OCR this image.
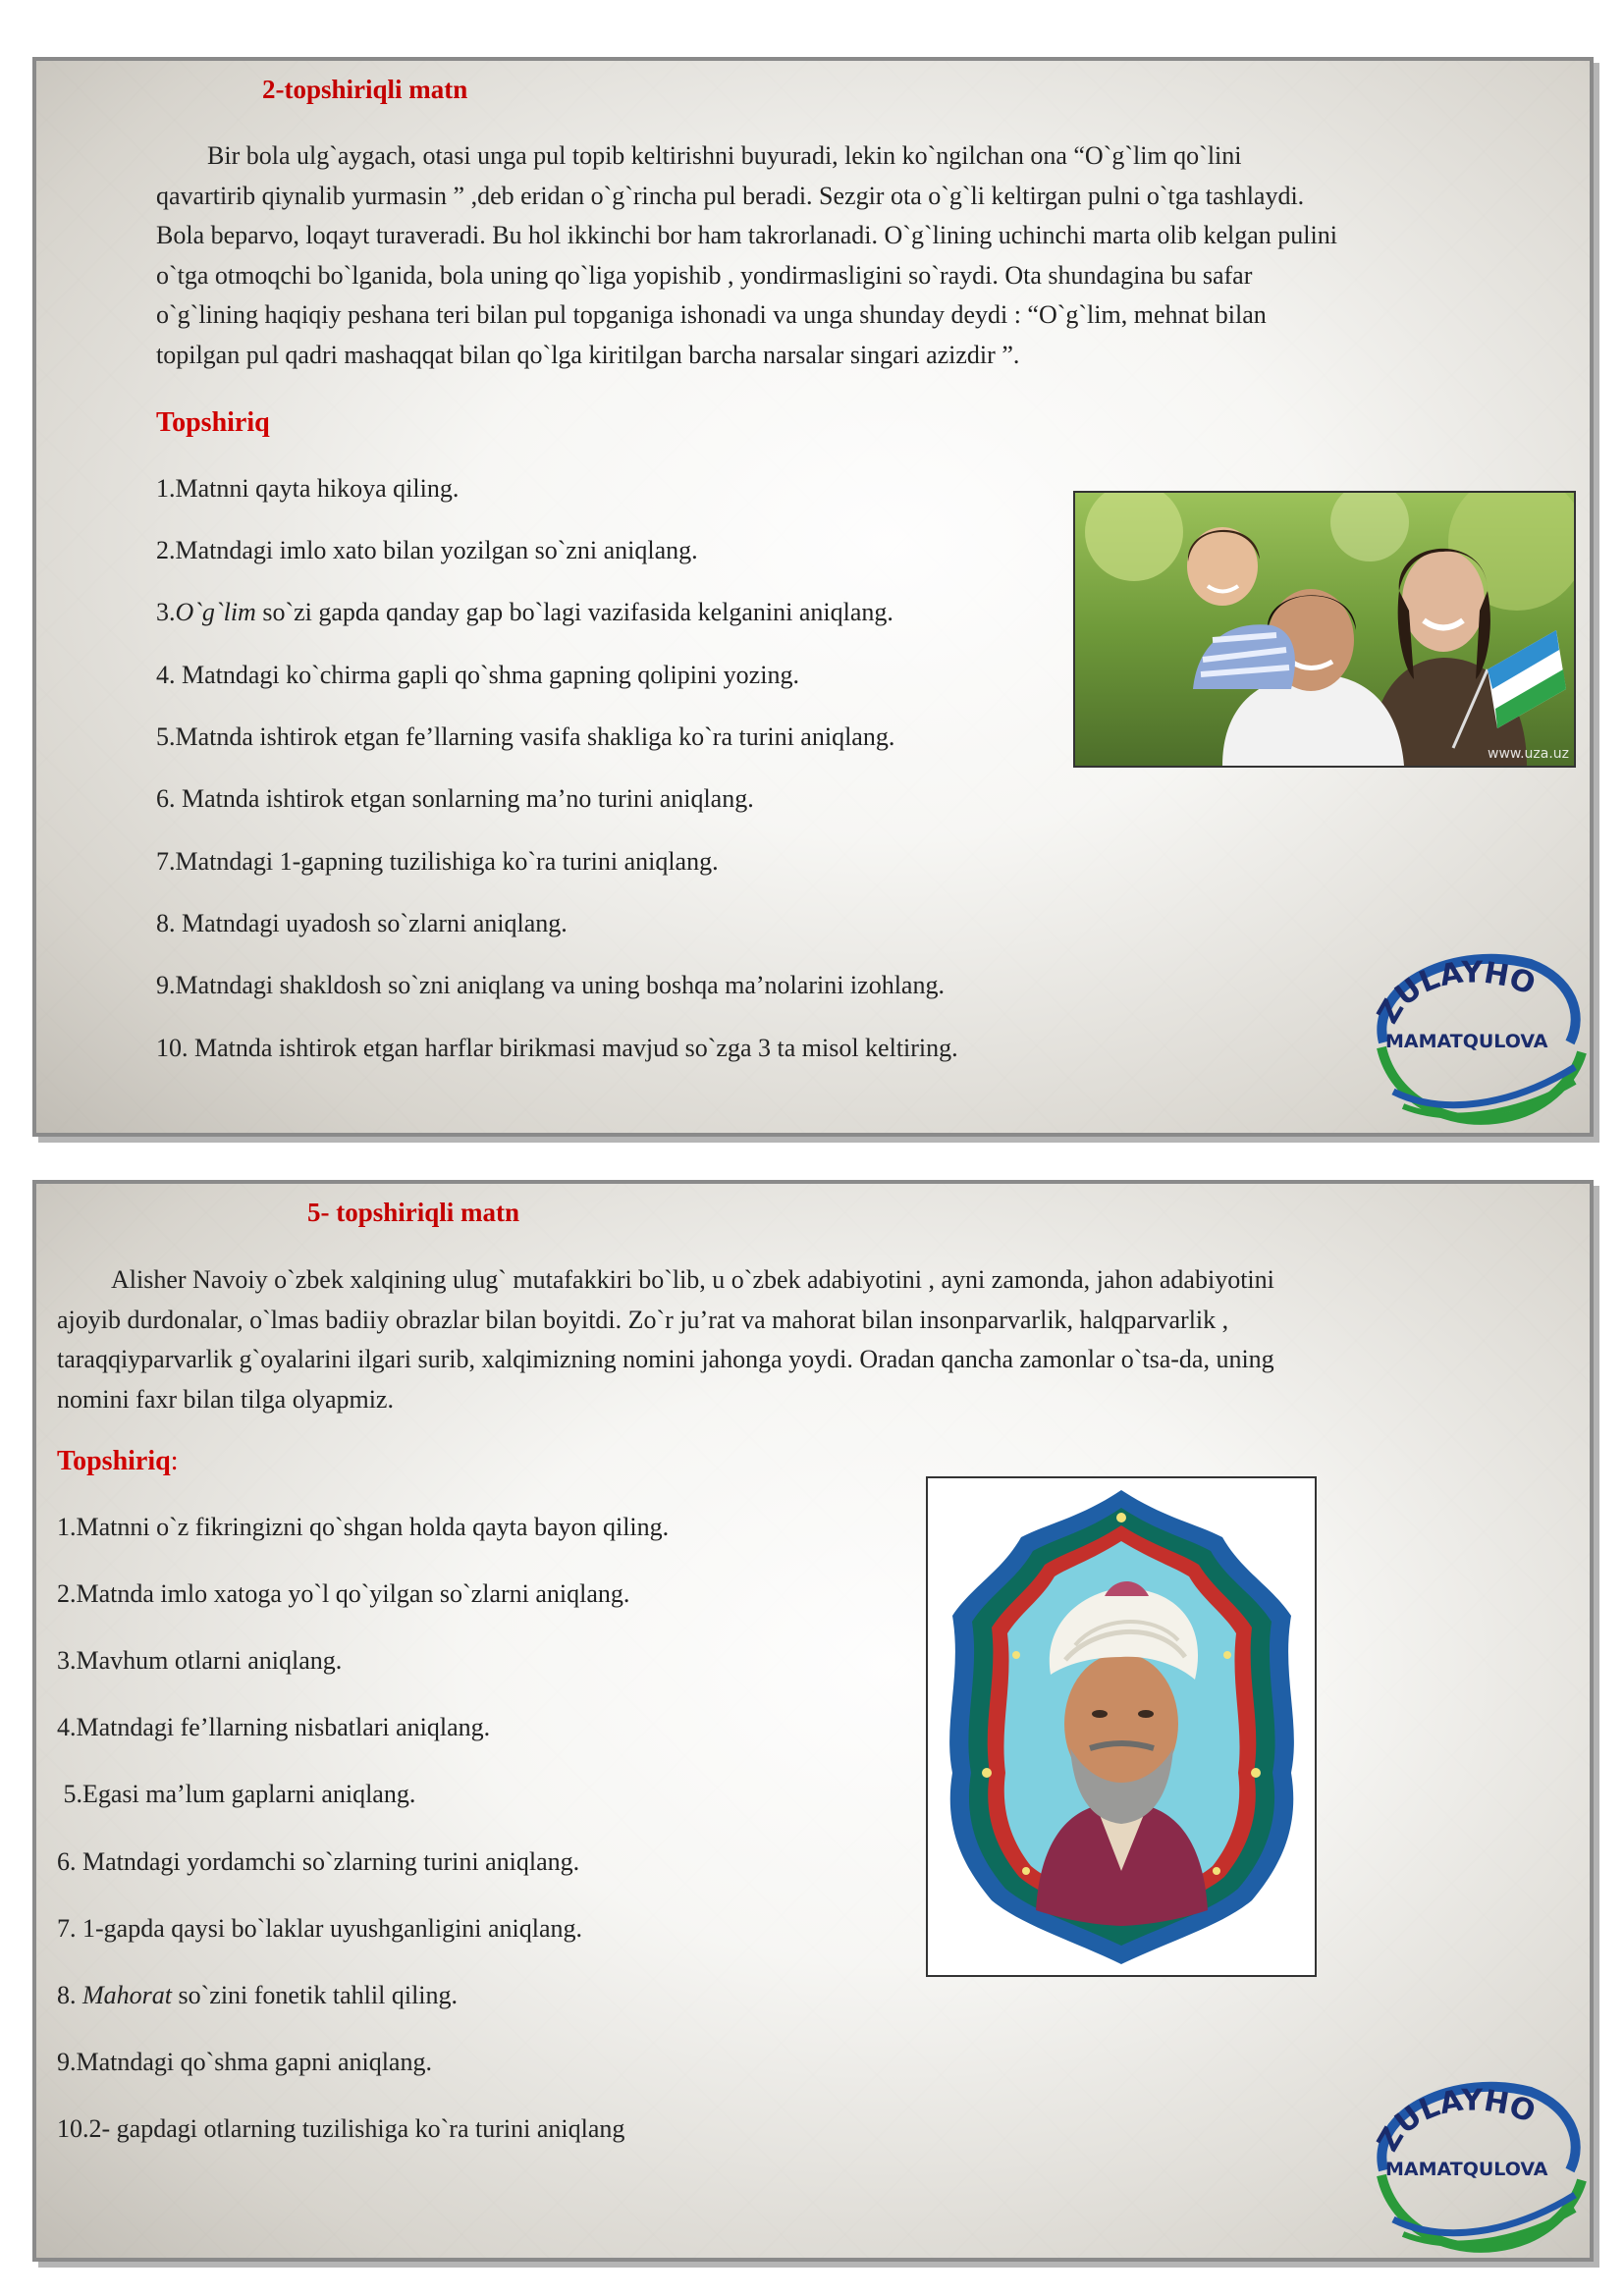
2-topshiriqli matn
Bir bola ulg`aygach, otasi unga pul topib keltirishni buyuradi, lekin ko`ngilchan ona “O`g`lim qo`lini
qavartirib qiynalib yurmasin ” ,deb eridan o`g`rincha pul beradi. Sezgir ota o`g`li keltirgan pulni o`tga tashlaydi.
Bola beparvo, loqayt turaveradi. Bu hol ikkinchi bor ham takrorlanadi. O`g`lining uchinchi marta olib kelgan pulini
o`tga otmoqchi bo`lganida, bola uning qo`liga yopishib , yondirmasligini so`raydi. Ota shundagina bu safar
o`g`lining haqiqiy peshana teri bilan pul topganiga ishonadi va unga shunday deydi : “O`g`lim, mehnat bilan
topilgan pul qadri mashaqqat bilan qo`lga kiritilgan barcha narsalar singari azizdir ”.
Topshiriq
1.Matnni qayta hikoya qiling.
2.Matndagi imlo xato bilan yozilgan so`zni aniqlang.
3.O`g`lim so`zi gapda qanday gap bo`lagi vazifasida kelganini aniqlang.
4. Matndagi ko`chirma gapli qo`shma gapning qolipini yozing.
5.Matnda ishtirok etgan fe’llarning vasifa shakliga ko`ra turini aniqlang.
6. Matnda ishtirok etgan sonlarning ma’no turini aniqlang.
7.Matndagi 1-gapning tuzilishiga ko`ra turini aniqlang.
8. Matndagi uyadosh so`zlarni aniqlang.
9.Matndagi shakldosh so`zni aniqlang va uning boshqa ma’nolarini izohlang.
10. Matnda ishtirok etgan harflar birikmasi mavjud so`zga 3 ta misol keltiring.
www.uza.uz
ZULAYHO
MAMATQULOVA
5- topshiriqli matn
Alisher Navoiy o`zbek xalqining ulug` mutafakkiri bo`lib, u o`zbek adabiyotini , ayni zamonda, jahon adabiyotini
ajoyib durdonalar, o`lmas badiiy obrazlar bilan boyitdi. Zo`r ju’rat va mahorat bilan insonparvarlik, halqparvarlik ,
taraqqiyparvarlik g`oyalarini ilgari surib, xalqimizning nomini jahonga yoydi. Oradan qancha zamonlar o`tsa-da, uning
nomini faxr bilan tilga olyapmiz.
Topshiriq:
1.Matnni o`z fikringizni qo`shgan holda qayta bayon qiling.
2.Matnda imlo xatoga yo`l qo`yilgan so`zlarni aniqlang.
3.Mavhum otlarni aniqlang.
4.Matndagi fe’llarning nisbatlari aniqlang.
5.Egasi ma’lum gaplarni aniqlang.
6. Matndagi yordamchi so`zlarning turini aniqlang.
7. 1-gapda qaysi bo`laklar uyushganligini aniqlang.
8. Mahorat so`zini fonetik tahlil qiling.
9.Matndagi qo`shma gapni aniqlang.
10.2- gapdagi otlarning tuzilishiga ko`ra turini aniqlang	ZULAYHO
MAMATQULOVA
